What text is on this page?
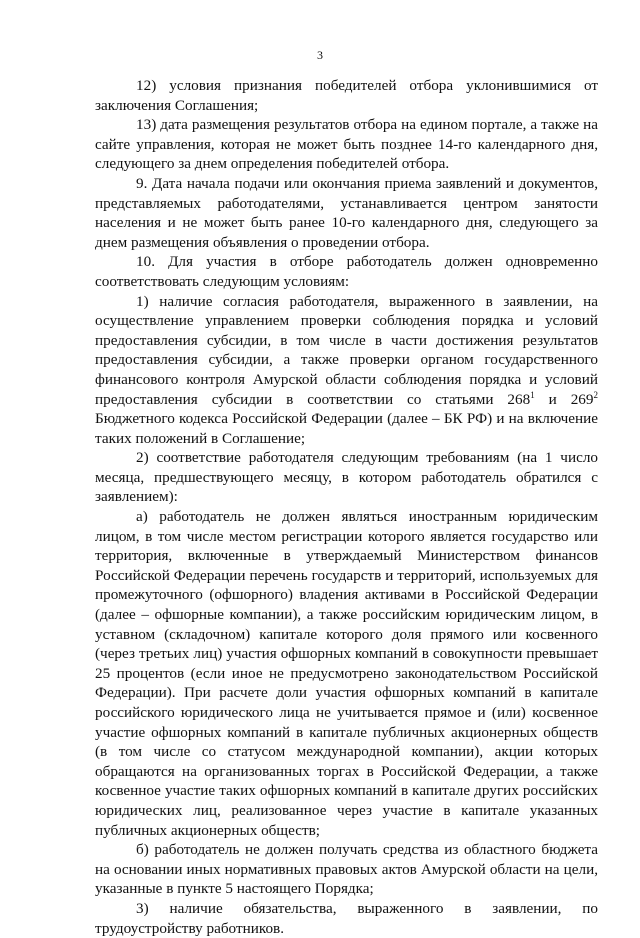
3

12) условия признания победителей отбора уклонившимися от заключения Соглашения;

13) дата размещения результатов отбора на едином портале, а также на сайте управления, которая не может быть позднее 14-го календарного дня, следующего за днем определения победителей отбора.

9. Дата начала подачи или окончания приема заявлений и документов, представляемых работодателями, устанавливается центром занятости населения и не может быть ранее 10-го календарного дня, следующего за днем размещения объявления о проведении отбора.

10. Для участия в отборе работодатель должен одновременно соответствовать следующим условиям:

1) наличие согласия работодателя, выраженного в заявлении, на осуществление управлением проверки соблюдения порядка и условий предоставления субсидии, в том числе в части достижения результатов предоставления субсидии, а также проверки органом государственного финансового контроля Амурской области соблюдения порядка и условий предоставления субсидии в соответствии со статьями $268^1$ и $269^2$ Бюджетного кодекса Российской Федерации (далее – БК РФ) и на включение таких положений в Соглашение;

2) соответствие работодателя следующим требованиям (на 1 число месяца, предшествующего месяцу, в котором работодатель обратился с заявлением):

а) работодатель не должен являться иностранным юридическим лицом, в том числе местом регистрации которого является государство или территория, включенные в утверждаемый Министерством финансов Российской Федерации перечень государств и территорий, используемых для промежуточного (офшорного) владения активами в Российской Федерации (далее – офшорные компании), а также российским юридическим лицом, в уставном (складочном) капитале которого доля прямого или косвенного (через третьих лиц) участия офшорных компаний в совокупности превышает 25 процентов (если иное не предусмотрено законодательством Российской Федерации). При расчете доли участия офшорных компаний в капитале российского юридического лица не учитывается прямое и (или) косвенное участие офшорных компаний в капитале публичных акционерных обществ (в том числе со статусом международной компании), акции которых обращаются на организованных торгах в Российской Федерации, а также косвенное участие таких офшорных компаний в капитале других российских юридических лиц, реализованное через участие в капитале указанных публичных акционерных обществ;

б) работодатель не должен получать средства из областного бюджета на основании иных нормативных правовых актов Амурской области на цели, указанные в пункте 5 настоящего Порядка;

3) наличие обязательства, выраженного в заявлении, по трудоустройству работников.
